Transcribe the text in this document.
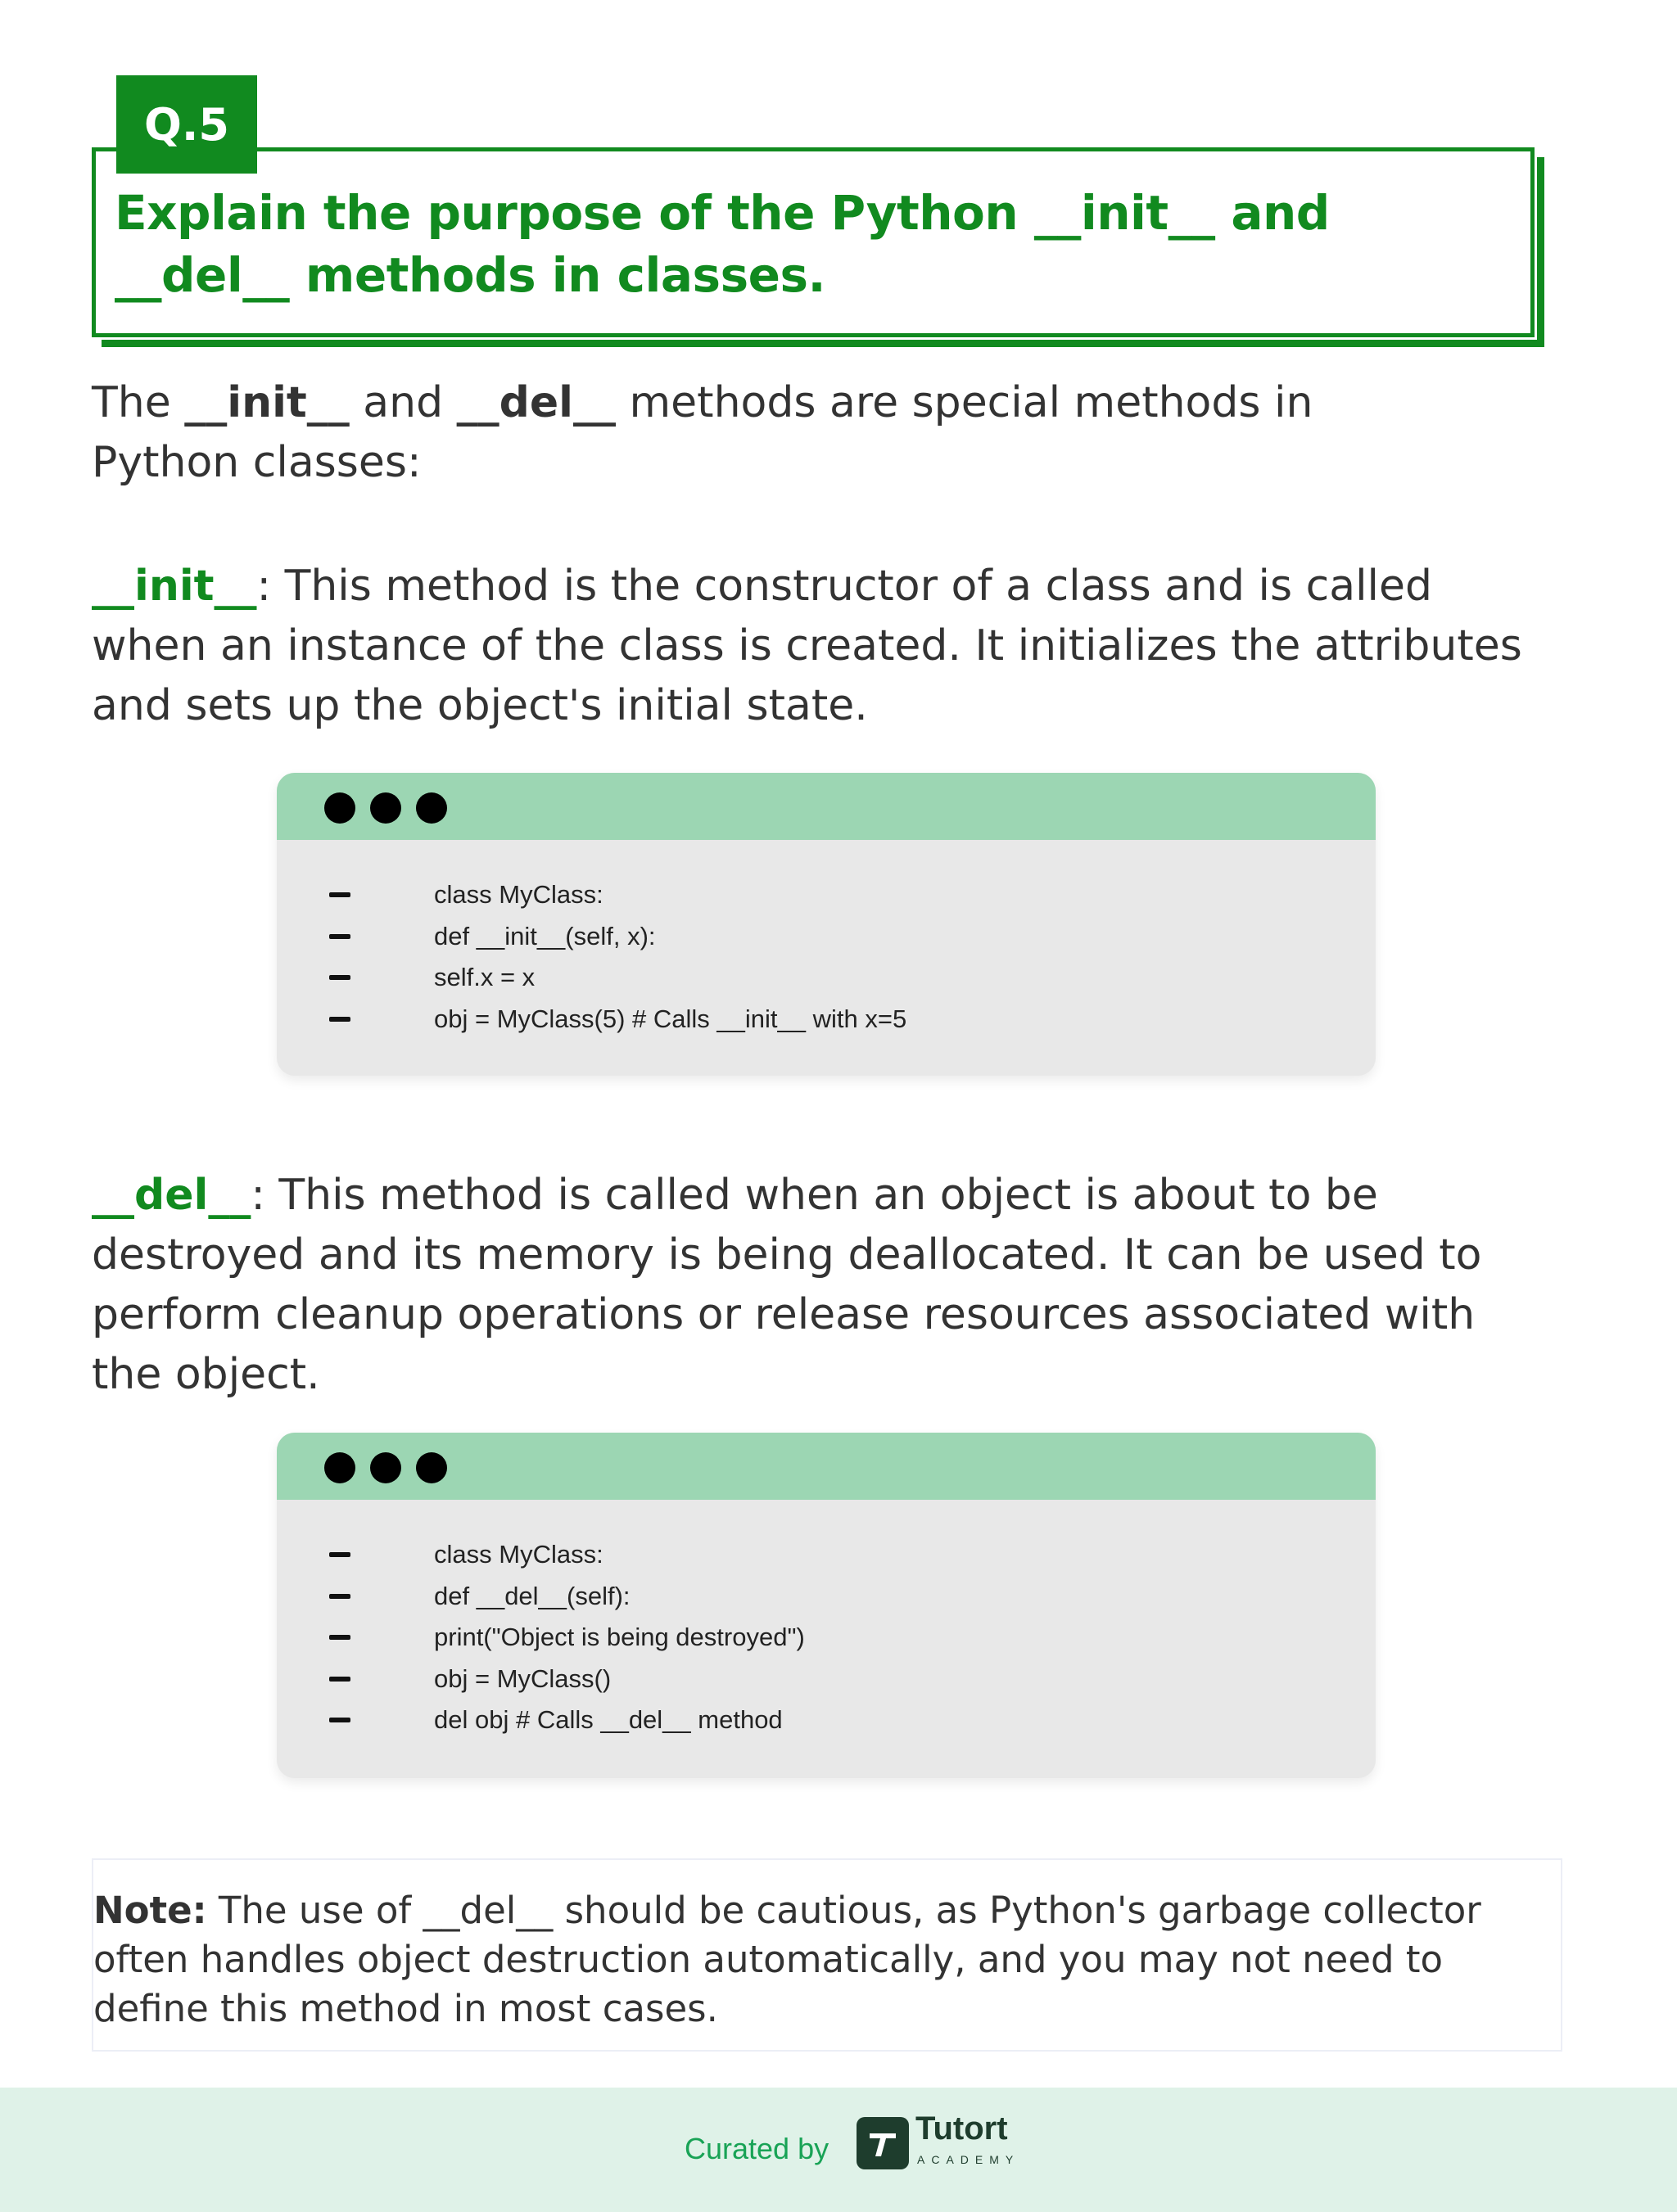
Q.5
Explain the purpose of the Python __init__ and
__del__ methods in classes.
The __init__ and __del__ methods are special methods in
Python classes:
__init__: This method is the constructor of a class and is called
when an instance of the class is created. It initializes the attributes
and sets up the object's initial state.
class MyClass:
def __init__(self, x):
self.x = x
obj = MyClass(5) # Calls __init__ with x=5
__del__: This method is called when an object is about to be
destroyed and its memory is being deallocated. It can be used to
perform cleanup operations or release resources associated with
the object.
class MyClass:
def __del__(self):
print("Object is being destroyed")
obj = MyClass()
del obj # Calls __del__ method
Note: The use of __del__ should be cautious, as Python's garbage collector
often handles object destruction automatically, and you may not need to
define this method in most cases.
Curated by
Tutort
ACADEMY
